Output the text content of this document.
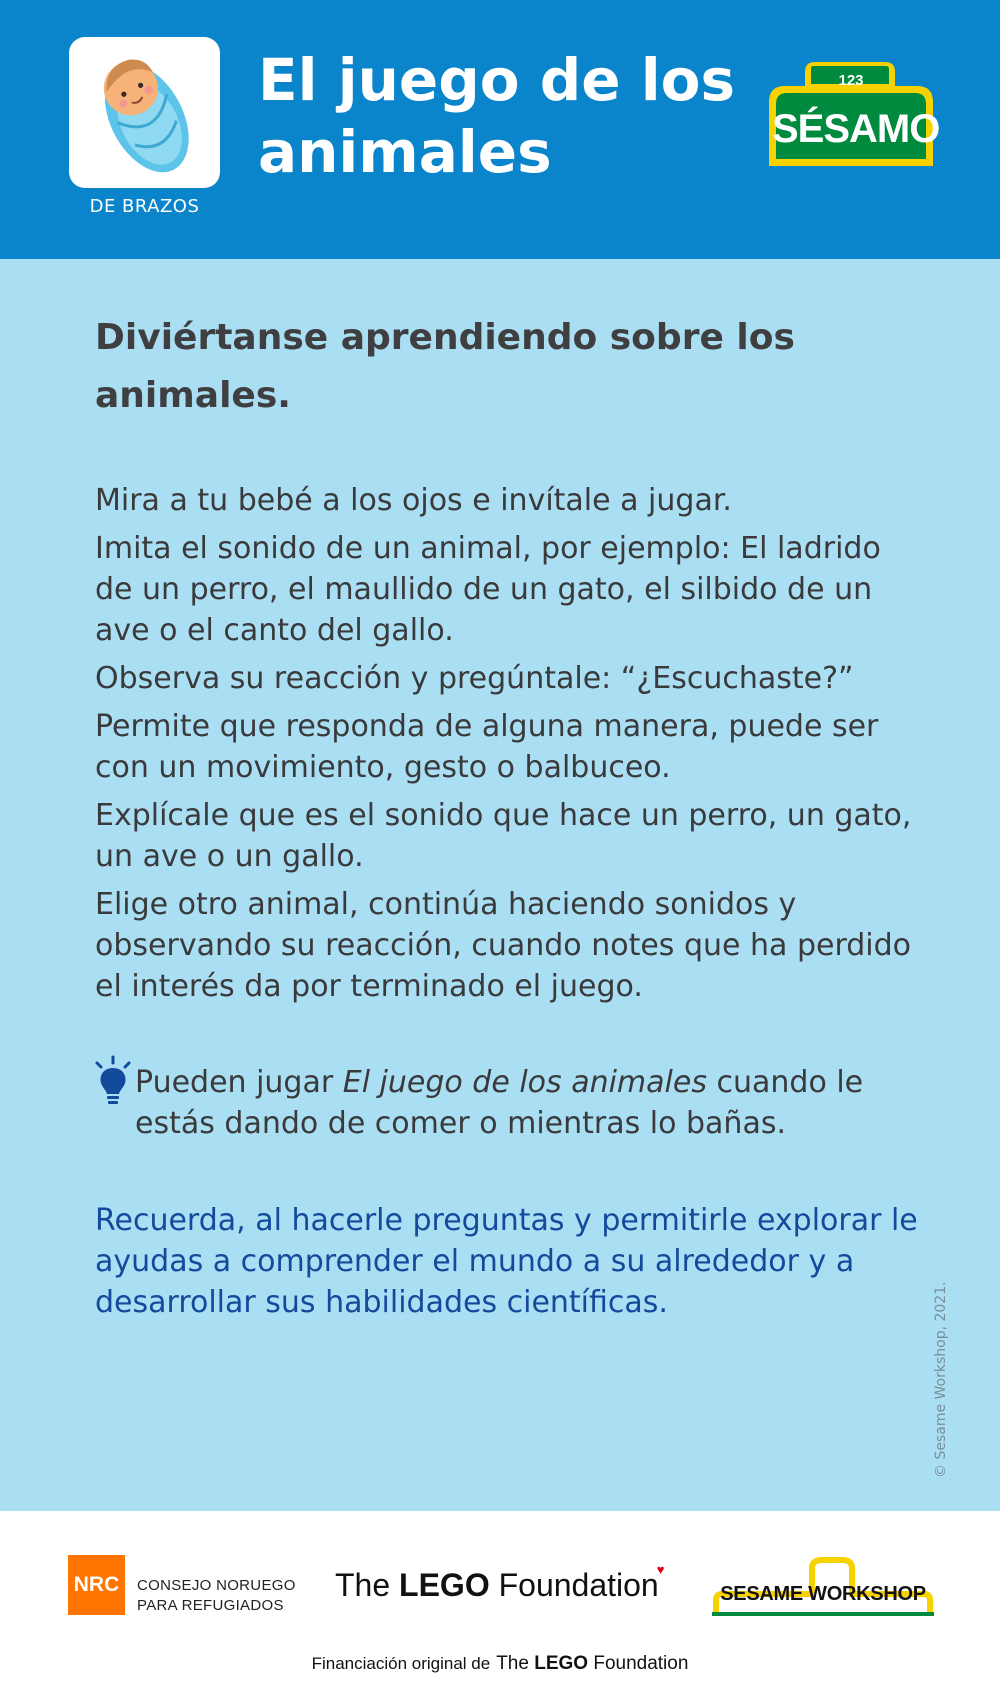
DE BRAZOS
El juego de los animales
123
SÉSAMO
Diviértanse aprendiendo sobre los animales.

Mira a tu bebé a los ojos e invítale a jugar.

Imita el sonido de un animal, por ejemplo: El ladrido de un perro, el maullido de un gato, el silbido de un ave o el canto del gallo.

Observa su reacción y pregúntale: “¿Escuchaste?”

Permite que responda de alguna manera, puede ser con un movimiento, gesto o balbuceo.

Explícale que es el sonido que hace un perro, un gato, un ave o un gallo.

Elige otro animal, continúa haciendo sonidos y observando su reacción, cuando notes que ha perdido el interés da por terminado el juego.

Pueden jugar El juego de los animales cuando le estás dando de comer o mientras lo bañas.

Recuerda, al hacerle preguntas y permitirle explorar le ayudas a comprender el mundo a su alrededor y a desarrollar sus habilidades científicas.	© Sesame Workshop, 2021.
NRC	CONSEJO NORUEGO
PARA REFUGIADOS
The LEGO Foundation♥
SESAME WORKSHOP
Financiación original de The LEGO Foundation
